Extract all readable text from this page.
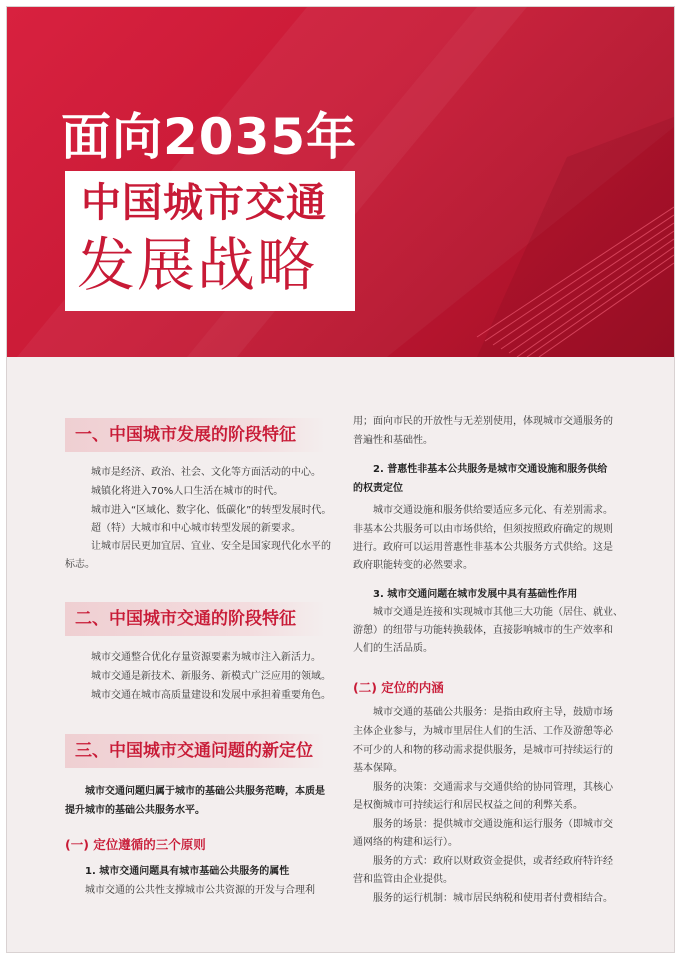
面向2035年
中国城市交通
发展战略
一、中国城市发展的阶段特征
城市是经济、政治、社会、文化等方面活动的中心。
城镇化将进入70%人口生活在城市的时代。
城市进入“区域化、数字化、低碳化”的转型发展时代。
超（特）大城市和中心城市转型发展的新要求。
让城市居民更加宜居、宜业、安全是国家现代化水平的
标志。
二、中国城市交通的阶段特征
城市交通整合优化存量资源要素为城市注入新活力。
城市交通是新技术、新服务、新模式广泛应用的领域。
城市交通在城市高质量建设和发展中承担着重要角色。
三、中国城市交通问题的新定位
城市交通问题归属于城市的基础公共服务范畴，本质是
提升城市的基础公共服务水平。
(一) 定位遵循的三个原则
1. 城市交通问题具有城市基础公共服务的属性
城市交通的公共性支撑城市公共资源的开发与合理利
用；面向市民的开放性与无差别使用，体现城市交通服务的
普遍性和基础性。
2. 普惠性非基本公共服务是城市交通设施和服务供给
的权责定位
城市交通设施和服务供给要适应多元化、有差别需求。
非基本公共服务可以由市场供给，但须按照政府确定的规则
进行。政府可以运用普惠性非基本公共服务方式供给。这是
政府职能转变的必然要求。
3. 城市交通问题在城市发展中具有基础性作用
城市交通是连接和实现城市其他三大功能（居住、就业、
游憩）的纽带与功能转换载体，直接影响城市的生产效率和
人们的生活品质。
(二) 定位的内涵
城市交通的基础公共服务：是指由政府主导，鼓励市场
主体企业参与，为城市里居住人们的生活、工作及游憩等必
不可少的人和物的移动需求提供服务，是城市可持续运行的
基本保障。
服务的决策：交通需求与交通供给的协同管理，其核心
是权衡城市可持续运行和居民权益之间的利弊关系。
服务的场景：提供城市交通设施和运行服务（即城市交
通网络的构建和运行）。
服务的方式：政府以财政资金提供，或者经政府特许经
营和监管由企业提供。
服务的运行机制：城市居民纳税和使用者付费相结合。
